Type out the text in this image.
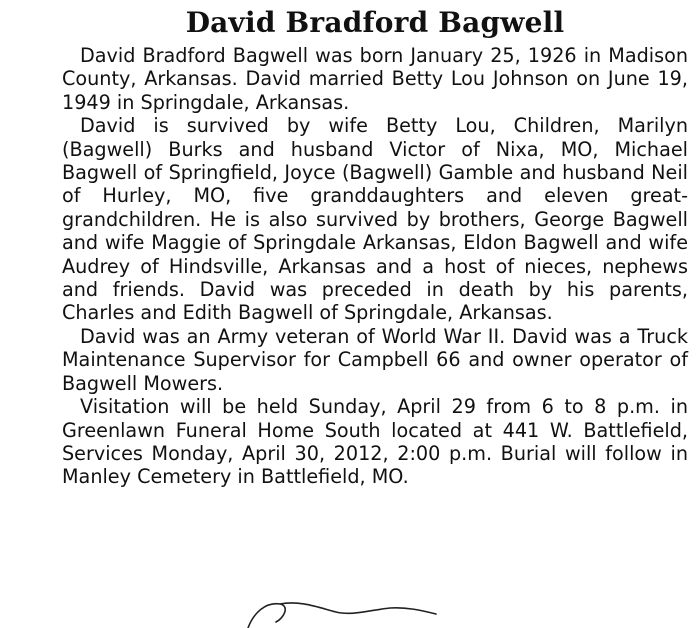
David Bradford Bagwell

David Bradford Bagwell was born January 25, 1926 in Madison County, Arkansas. David married Betty Lou Johnson on June 19, 1949 in Springdale, Arkansas.

David is survived by wife Betty Lou, Children, Marilyn (Bagwell) Burks and husband Victor of Nixa, MO, Michael Bagwell of Springfield, Joyce (Bagwell) Gamble and husband Neil of Hurley, MO, five granddaughters and eleven great-grandchildren. He is also survived by brothers, George Bagwell and wife Maggie of Springdale Arkansas, Eldon Bagwell and wife Audrey of Hindsville, Arkansas and a host of nieces, nephews and friends. David was preceded in death by his parents, Charles and Edith Bagwell of Springdale, Arkansas.

David was an Army veteran of World War II. David was a Truck Maintenance Supervisor for Campbell 66 and owner operator of Bagwell Mowers.

Visitation will be held Sunday, April 29 from 6 to 8 p.m. in Greenlawn Funeral Home South located at 441 W. Battlefield, Services Monday, April 30, 2012, 2:00 p.m. Burial will follow in Manley Cemetery in Battlefield, MO.
